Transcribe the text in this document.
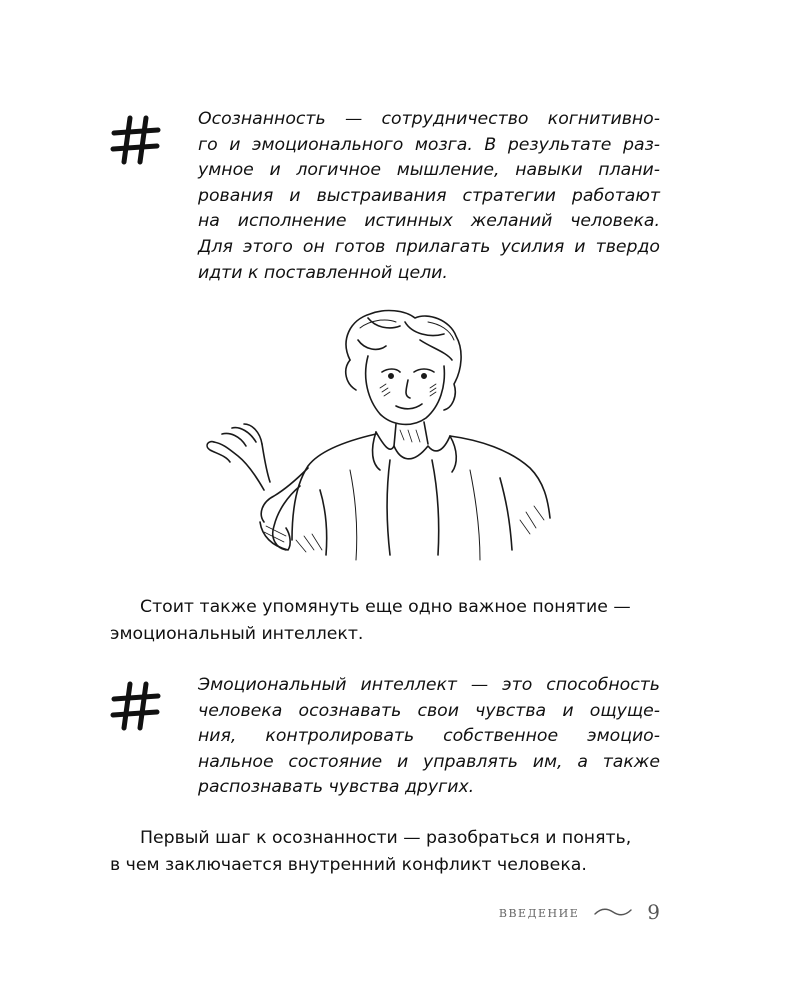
Осознанность — сотрудничество когнитивно-
го и эмоционального мозга. В результате раз-
умное и логичное мышление, навыки плани-
рования и выстраивания стратегии работают
на исполнение истинных желаний человека.
Для этого он готов прилагать усилия и твердо
идти к поставленной цели.
Стоит также упомянуть еще одно важное понятие —
эмоциональный интеллект.
Эмоциональный интеллект — это способность
человека осознавать свои чувства и ощуще-
ния, контролировать собственное эмоцио-
нальное состояние и управлять им, а также
распознавать чувства других.
Первый шаг к осознанности — разобраться и понять,
в чем заключается внутренний конфликт человека.
введение	9
